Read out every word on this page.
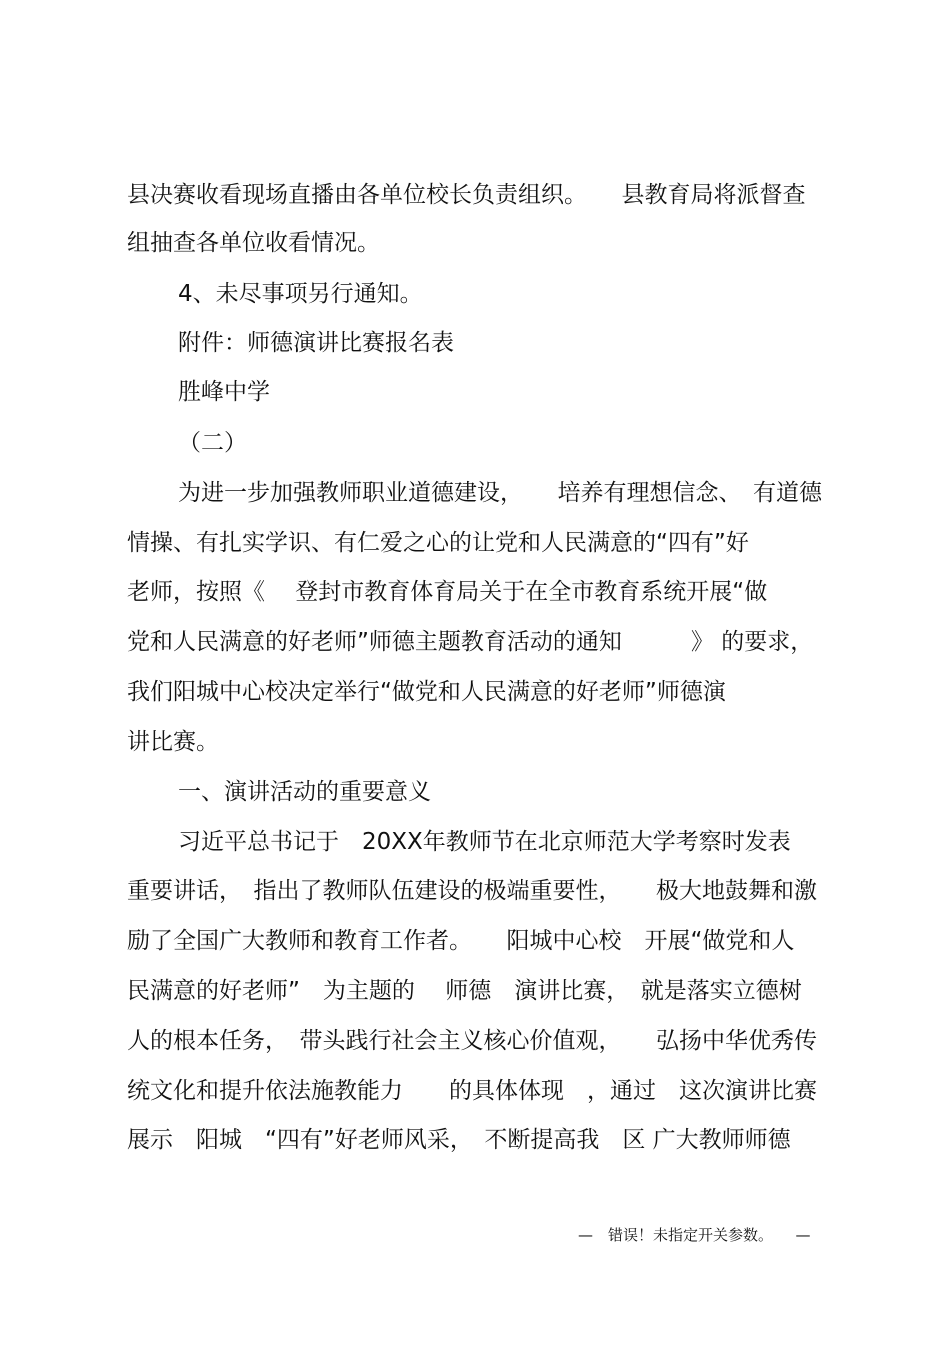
县决赛收看现场直播由各单位校长负责组织。　　县教育局将派督查
组抽查各单位收看情况。
4、未尽事项另行通知。
附件：师德演讲比赛报名表
胜峰中学
（二）
为进一步加强教师职业道德建设，　　培养有理想信念、　有道德
情操、有扎实学识、有仁爱之心的让党和人民满意的“四有”好
老师，按照《　 登封市教育体育局关于在全市教育系统开展“做
党和人民满意的好老师”师德主题教育活动的通知　　　》 的要求，
我们阳城中心校决定举行“做党和人民满意的好老师”师德演
讲比赛。
一、演讲活动的重要意义
习近平总书记于　20XX年教师节在北京师范大学考察时发表
重要讲话，　指出了教师队伍建设的极端重要性，　　极大地鼓舞和激
励了全国广大教师和教育工作者。　　阳城中心校　开展“做党和人
民满意的好老师”　为主题的　 师德　演讲比赛，　就是落实立德树
人的根本任务，　带头践行社会主义核心价值观，　　弘扬中华优秀传
统文化和提升依法施教能力　　的具体体现　，通过　这次演讲比赛
展示　阳城　“四有”好老师风采，　不断提高我　区 广大教师师德
—　错误！未指定开关参数。　　—
